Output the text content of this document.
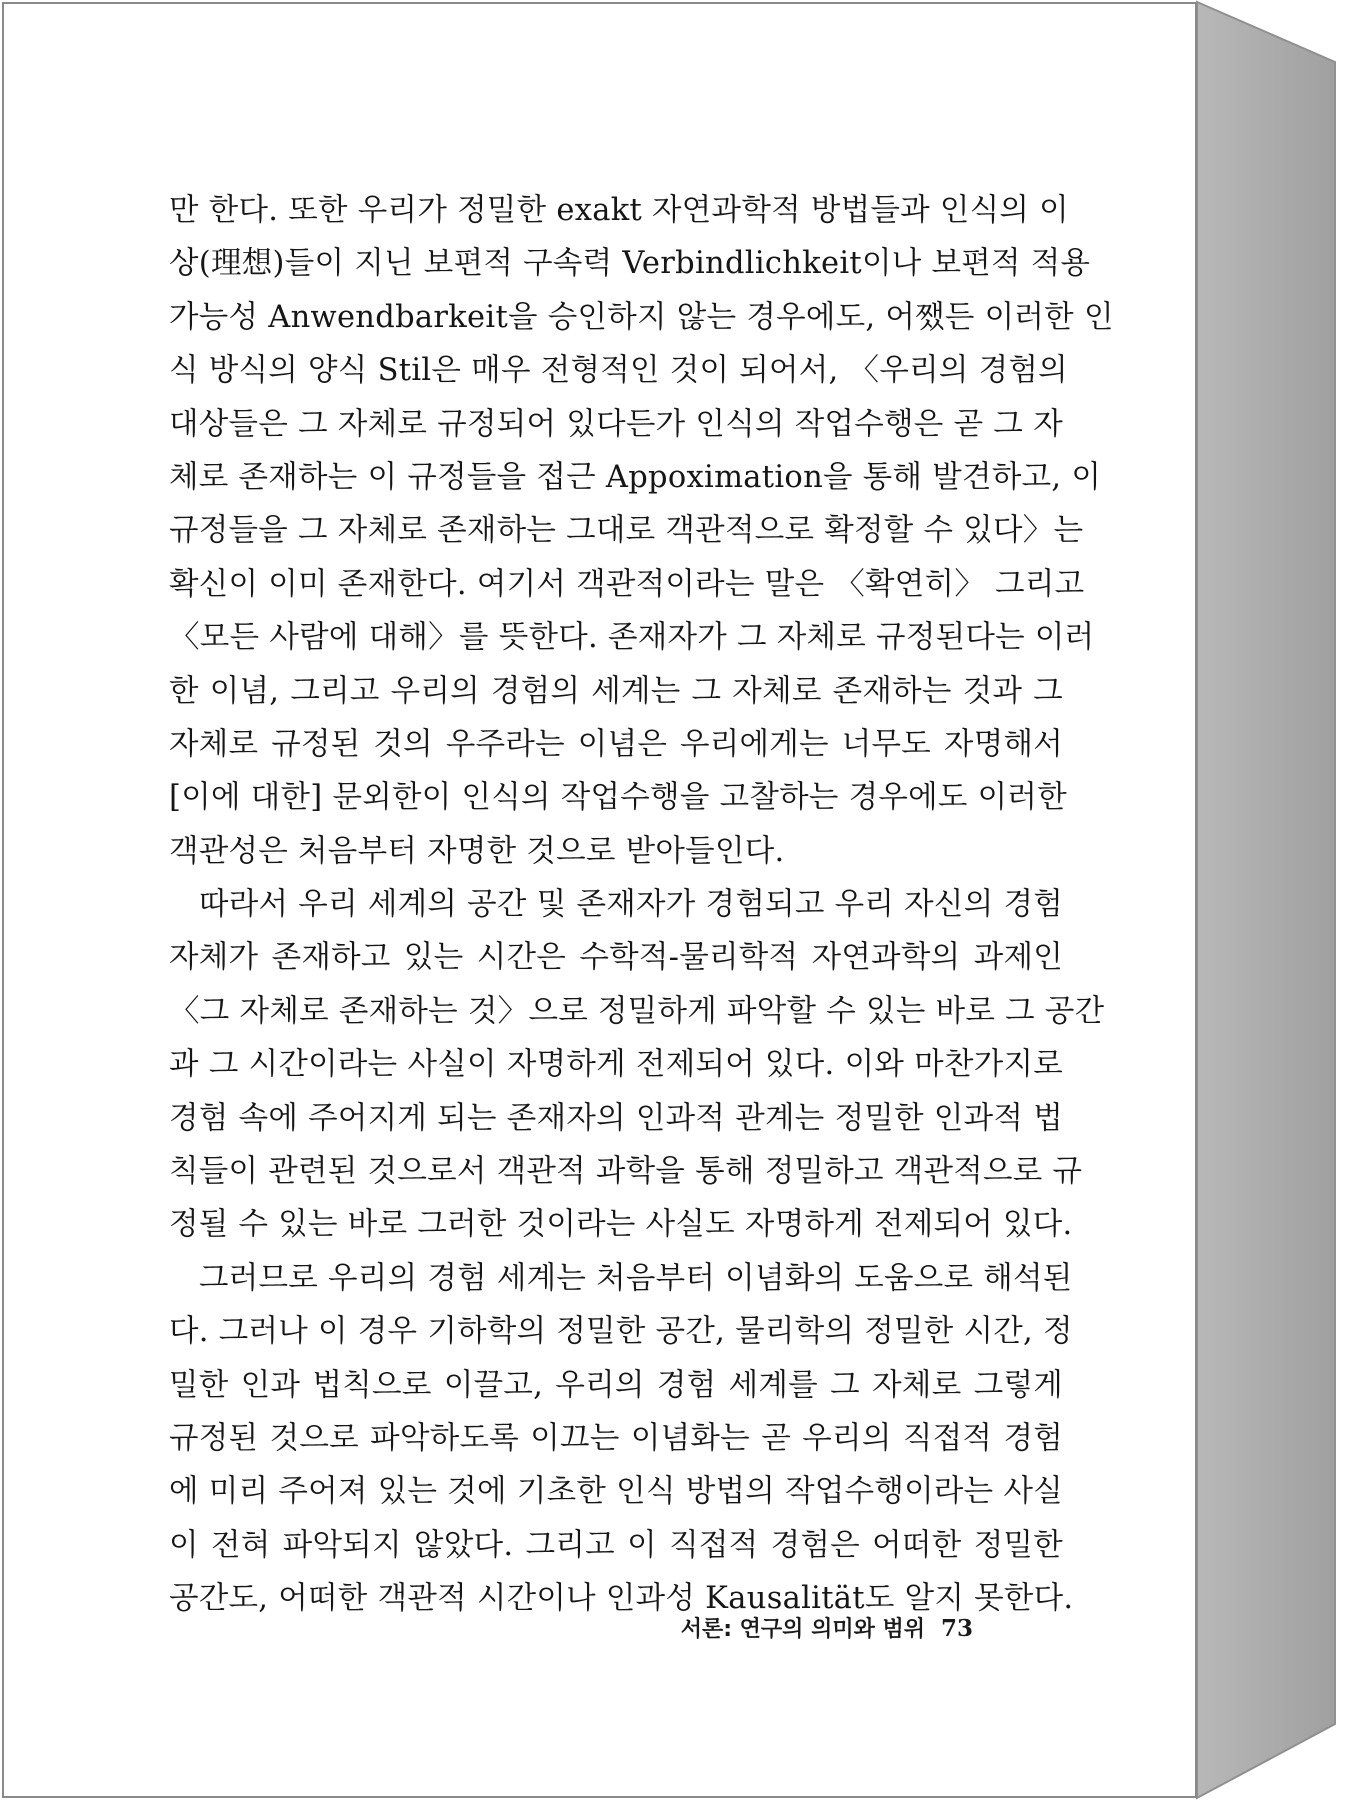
만 한다. 또한 우리가 정밀한 exakt 자연과학적 방법들과 인식의 이
상(理想)들이 지닌 보편적 구속력 Verbindlichkeit이나 보편적 적용
가능성 Anwendbarkeit을 승인하지 않는 경우에도, 어쨌든 이러한 인
식 방식의 양식 Stil은 매우 전형적인 것이 되어서, 〈우리의 경험의
대상들은 그 자체로 규정되어 있다든가 인식의 작업수행은 곧 그 자
체로 존재하는 이 규정들을 접근 Appoximation을 통해 발견하고, 이
규정들을 그 자체로 존재하는 그대로 객관적으로 확정할 수 있다〉는
확신이 이미 존재한다. 여기서 객관적이라는 말은 〈확연히〉 그리고
〈모든 사람에 대해〉를 뜻한다. 존재자가 그 자체로 규정된다는 이러
한 이념, 그리고 우리의 경험의 세계는 그 자체로 존재하는 것과 그
자체로 규정된 것의 우주라는 이념은 우리에게는 너무도 자명해서
[이에 대한] 문외한이 인식의 작업수행을 고찰하는 경우에도 이러한
객관성은 처음부터 자명한 것으로 받아들인다.
따라서 우리 세계의 공간 및 존재자가 경험되고 우리 자신의 경험
자체가 존재하고 있는 시간은 수학적-물리학적 자연과학의 과제인
〈그 자체로 존재하는 것〉으로 정밀하게 파악할 수 있는 바로 그 공간
과 그 시간이라는 사실이 자명하게 전제되어 있다. 이와 마찬가지로
경험 속에 주어지게 되는 존재자의 인과적 관계는 정밀한 인과적 법
칙들이 관련된 것으로서 객관적 과학을 통해 정밀하고 객관적으로 규
정될 수 있는 바로 그러한 것이라는 사실도 자명하게 전제되어 있다.
그러므로 우리의 경험 세계는 처음부터 이념화의 도움으로 해석된
다. 그러나 이 경우 기하학의 정밀한 공간, 물리학의 정밀한 시간, 정
밀한 인과 법칙으로 이끌고, 우리의 경험 세계를 그 자체로 그렇게
규정된 것으로 파악하도록 이끄는 이념화는 곧 우리의 직접적 경험
에 미리 주어져 있는 것에 기초한 인식 방법의 작업수행이라는 사실
이 전혀 파악되지 않았다. 그리고 이 직접적 경험은 어떠한 정밀한
공간도, 어떠한 객관적 시간이나 인과성 Kausalität도 알지 못한다.
서론: 연구의 의미와 범위 73
